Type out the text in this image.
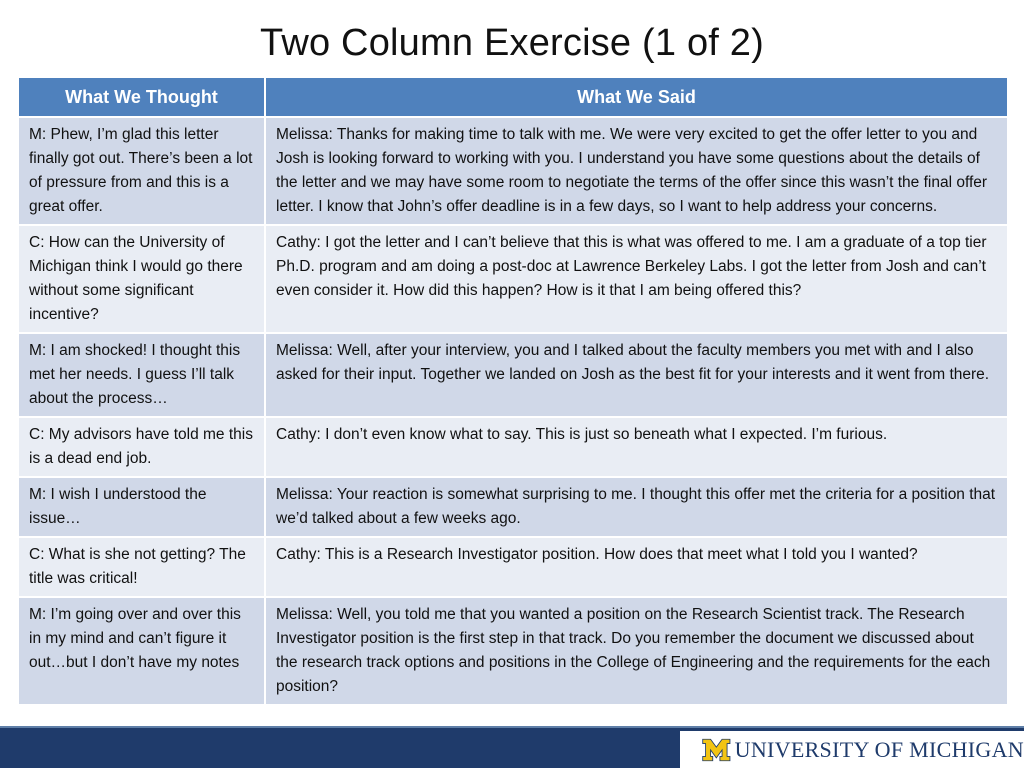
Two Column Exercise (1 of 2)
What We Thought	What We Said
M: Phew, I’m glad this letter finally got out. There’s been a lot of pressure from and this is a great offer.	Melissa: Thanks for making time to talk with me. We were very excited to get the offer letter to you and Josh is looking forward to working with you. I understand you have some questions about the details of the letter and we may have some room to negotiate the terms of the offer since this wasn’t the final offer letter. I know that John’s offer deadline is in a few days, so I want to help address your concerns.
C: How can the University of Michigan think I would go there without some significant incentive?	Cathy: I got the letter and I can’t believe that this is what was offered to me. I am a graduate of a top tier Ph.D. program and am doing a post-doc at Lawrence Berkeley Labs. I got the letter from Josh and can’t even consider it. How did this happen? How is it that I am being offered this?
M: I am shocked! I thought this met her needs. I guess I’ll talk about the process…	Melissa: Well, after your interview, you and I talked about the faculty members you met with and I also asked for their input. Together we landed on Josh as the best fit for your interests and it went from there.
C: My advisors have told me this is a dead end job.	Cathy: I don’t even know what to say. This is just so beneath what I expected. I’m furious.
M: I wish I understood the issue…	Melissa: Your reaction is somewhat surprising to me. I thought this offer met the criteria for a position that we’d talked about a few weeks ago.
C: What is she not getting? The title was critical!	Cathy: This is a Research Investigator position. How does that meet what I told you I wanted?
M: I’m going over and over this in my mind and can’t figure it out…but I don’t have my notes	Melissa: Well, you told me that you wanted a position on the Research Scientist track. The Research Investigator position is the first step in that track. Do you remember the document we discussed about the research track options and positions in the College of Engineering and the requirements for the each position?
UNIVERSITY OF MICHIGAN
